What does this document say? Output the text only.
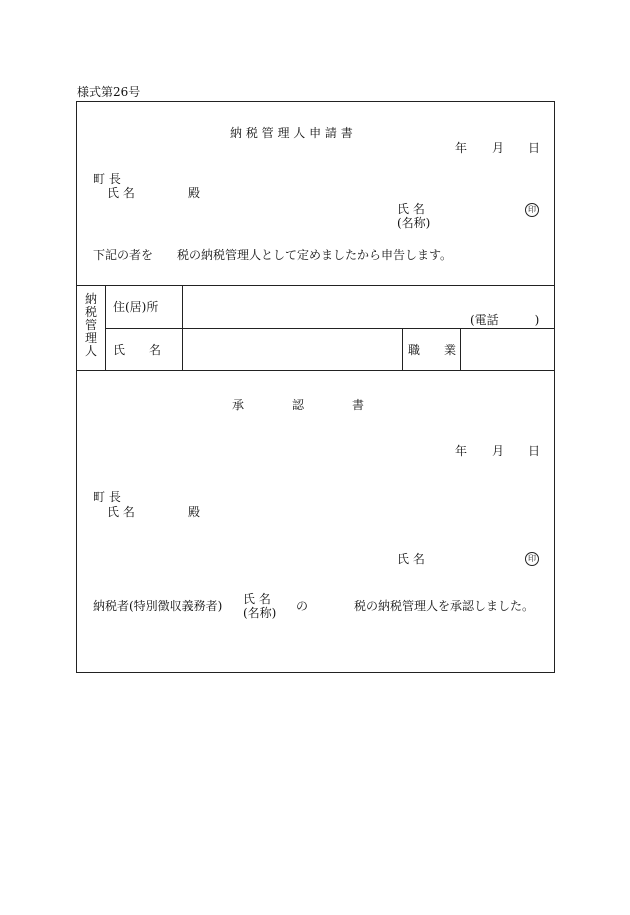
様式第26号
納 税 管 理 人 申 請 書
年 月 日
町 長
氏 名	殿
氏 名
(名称)
印
下記の者を　　税の納税管理人として定めましたから申告します。
納税管理人
住(居)所
(電話　　　)
氏　　名	職　　業
承　　　　認　　　　書
年 月 日
町 長
氏 名	殿
氏 名	印
納税者(特別徴収義務者) 氏 名
(名称) の	税の納税管理人を承認しました。
